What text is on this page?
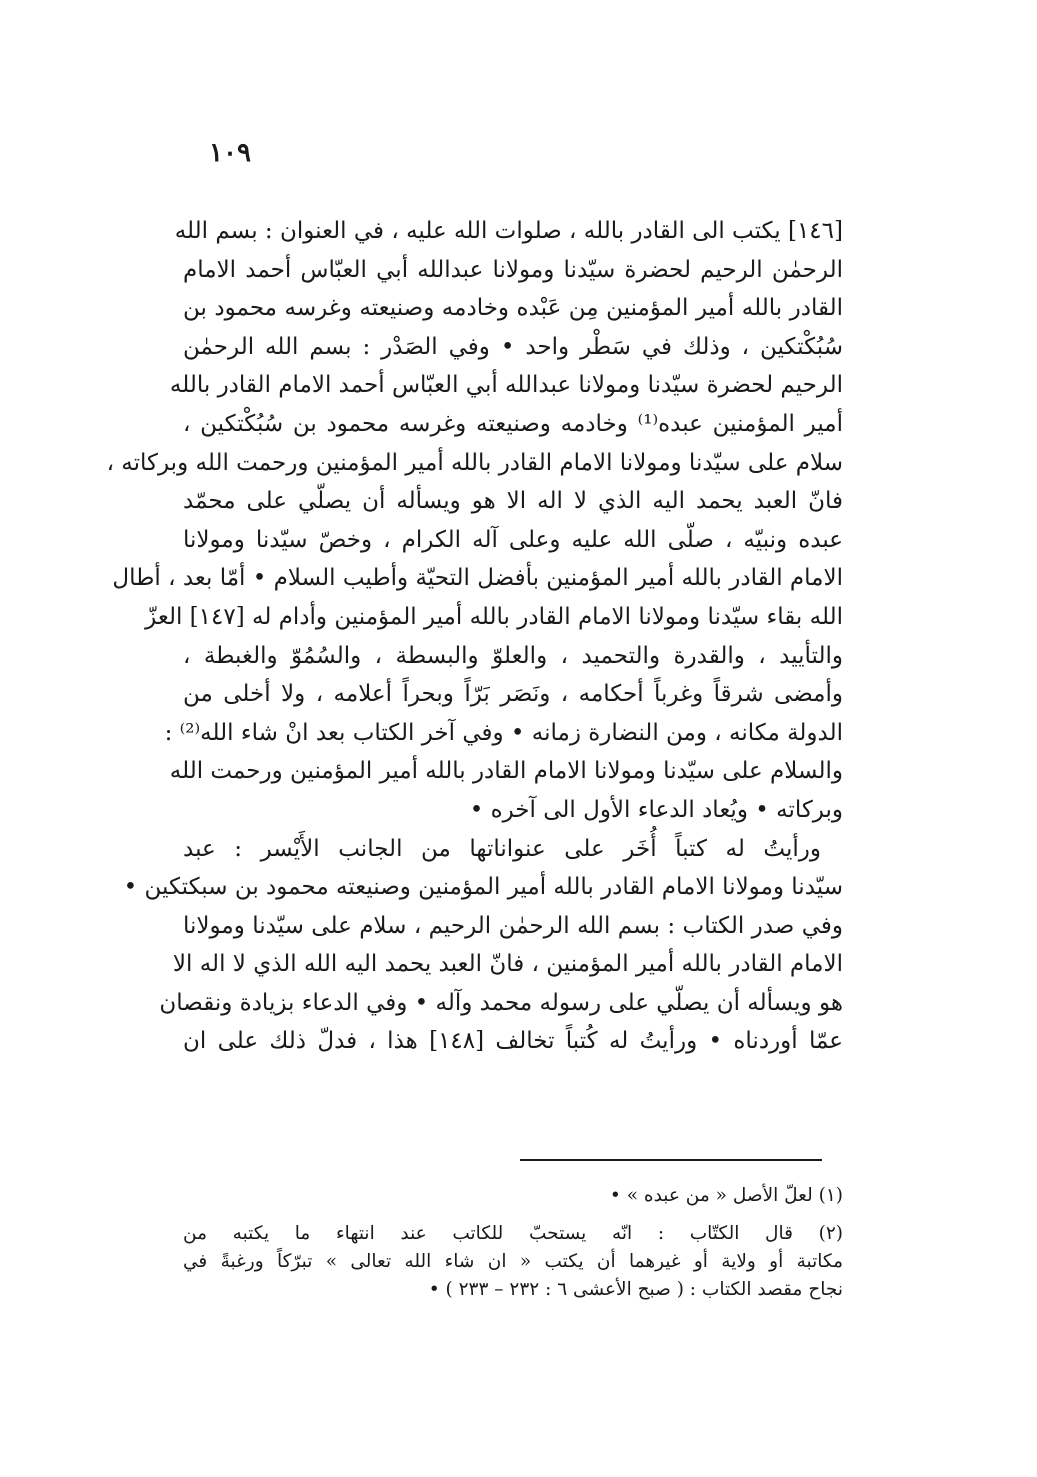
١٠٩
[١٤٦] يكتب الى القادر بالله ، صلوات الله عليه ، في العنوان : بسم الله
الرحمٰن الرحيم لحضرة سيّدنا ومولانا عبدالله أبي العبّاس أحمد الامام
القادر بالله أمير المؤمنين مِن عَبْده وخادمه وصنيعته وغرسه محمود بن
سُبُكْتكين ، وذلك في سَطْر واحد • وفي الصَدْر : بسم الله الرحمٰن
الرحيم لحضرة سيّدنا ومولانا عبدالله أبي العبّاس أحمد الامام القادر بالله
أمير المؤمنين عبده⁽¹⁾ وخادمه وصنيعته وغرسه محمود بن سُبُكْتكين ،
سلام على سيّدنا ومولانا الامام القادر بالله أمير المؤمنين ورحمت الله وبركاته ،
فانّ العبد يحمد اليه الذي لا اله الا هو ويسأله أن يصلّي على محمّد
عبده ونبيّه ، صلّى الله عليه وعلى آله الكرام ، وخصّ سيّدنا ومولانا
الامام القادر بالله أمير المؤمنين بأفضل التحيّة وأطيب السلام • أمّا بعد ، أطال
الله بقاء سيّدنا ومولانا الامام القادر بالله أمير المؤمنين وأدام له [١٤٧] العزّ
والتأييد ، والقدرة والتحميد ، والعلوّ والبسطة ، والسُمُوّ والغبطة ،
وأمضى شرقاً وغرباً أحكامه ، ونَصَر بَرّاً وبحراً أعلامه ، ولا أخلى من
الدولة مكانه ، ومن النضارة زمانه • وفي آخر الكتاب بعد انْ شاء الله⁽²⁾ :
والسلام على سيّدنا ومولانا الامام القادر بالله أمير المؤمنين ورحمت الله
وبركاته • ويُعاد الدعاء الأول الى آخره •
ورأيتُ له كتباً أُخَر على عنواناتها من الجانب الأَيْسر : عبد
سيّدنا ومولانا الامام القادر بالله أمير المؤمنين وصنيعته محمود بن سبكتكين •
وفي صدر الكتاب : بسم الله الرحمٰن الرحيم ، سلام على سيّدنا ومولانا
الامام القادر بالله أمير المؤمنين ، فانّ العبد يحمد اليه الله الذي لا اله الا
هو ويسأله أن يصلّي على رسوله محمد وآله • وفي الدعاء بزيادة ونقصان
عمّا أوردناه • ورأيتُ له كُتباً تخالف [١٤٨] هذا ، فدلّ ذلك على ان
(١) لعلّ الأصل « من عبده » •
(٢) قال الكتّاب : انّه يستحبّ للكاتب عند انتهاء ما يكتبه من
مكاتبة أو ولاية أو غيرهما أن يكتب « ان شاء الله تعالى » تبرّكاً ورغبةً في
نجاح مقصد الكتاب : ( صبح الأعشى ٦ : ٢٣٢ – ٢٣٣ ) •
